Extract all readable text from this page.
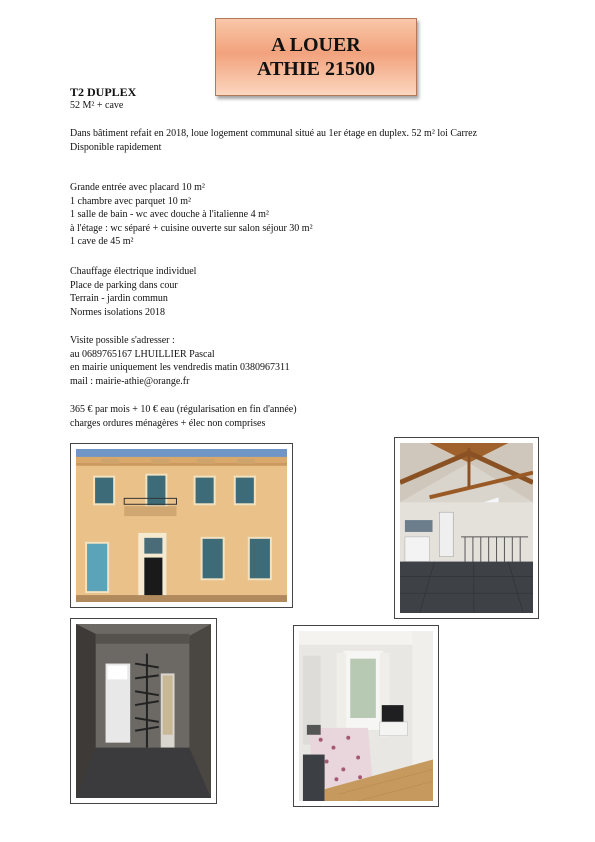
A LOUER
ATHIE 21500

T2 DUPLEX

52 M² + cave

Dans bâtiment refait en 2018, loue logement communal situé au 1er étage en duplex. 52 m² loi Carrez

Disponible rapidement

Grande entrée avec placard 10 m²

1 chambre avec parquet 10 m²

1 salle de bain - wc avec douche à l'italienne 4 m²

à l'étage : wc séparé + cuisine ouverte sur salon séjour 30 m²

1 cave de 45 m²

Chauffage électrique individuel

Place de parking dans cour

Terrain - jardin commun

Normes isolations 2018

Visite possible s'adresser :

au 0689765167 LHUILLIER Pascal

en mairie uniquement les vendredis matin 0380967311

mail : mairie-athie@orange.fr

365 € par mois + 10 € eau (régularisation en fin d'année)

charges ordures ménagères + élec non comprises
